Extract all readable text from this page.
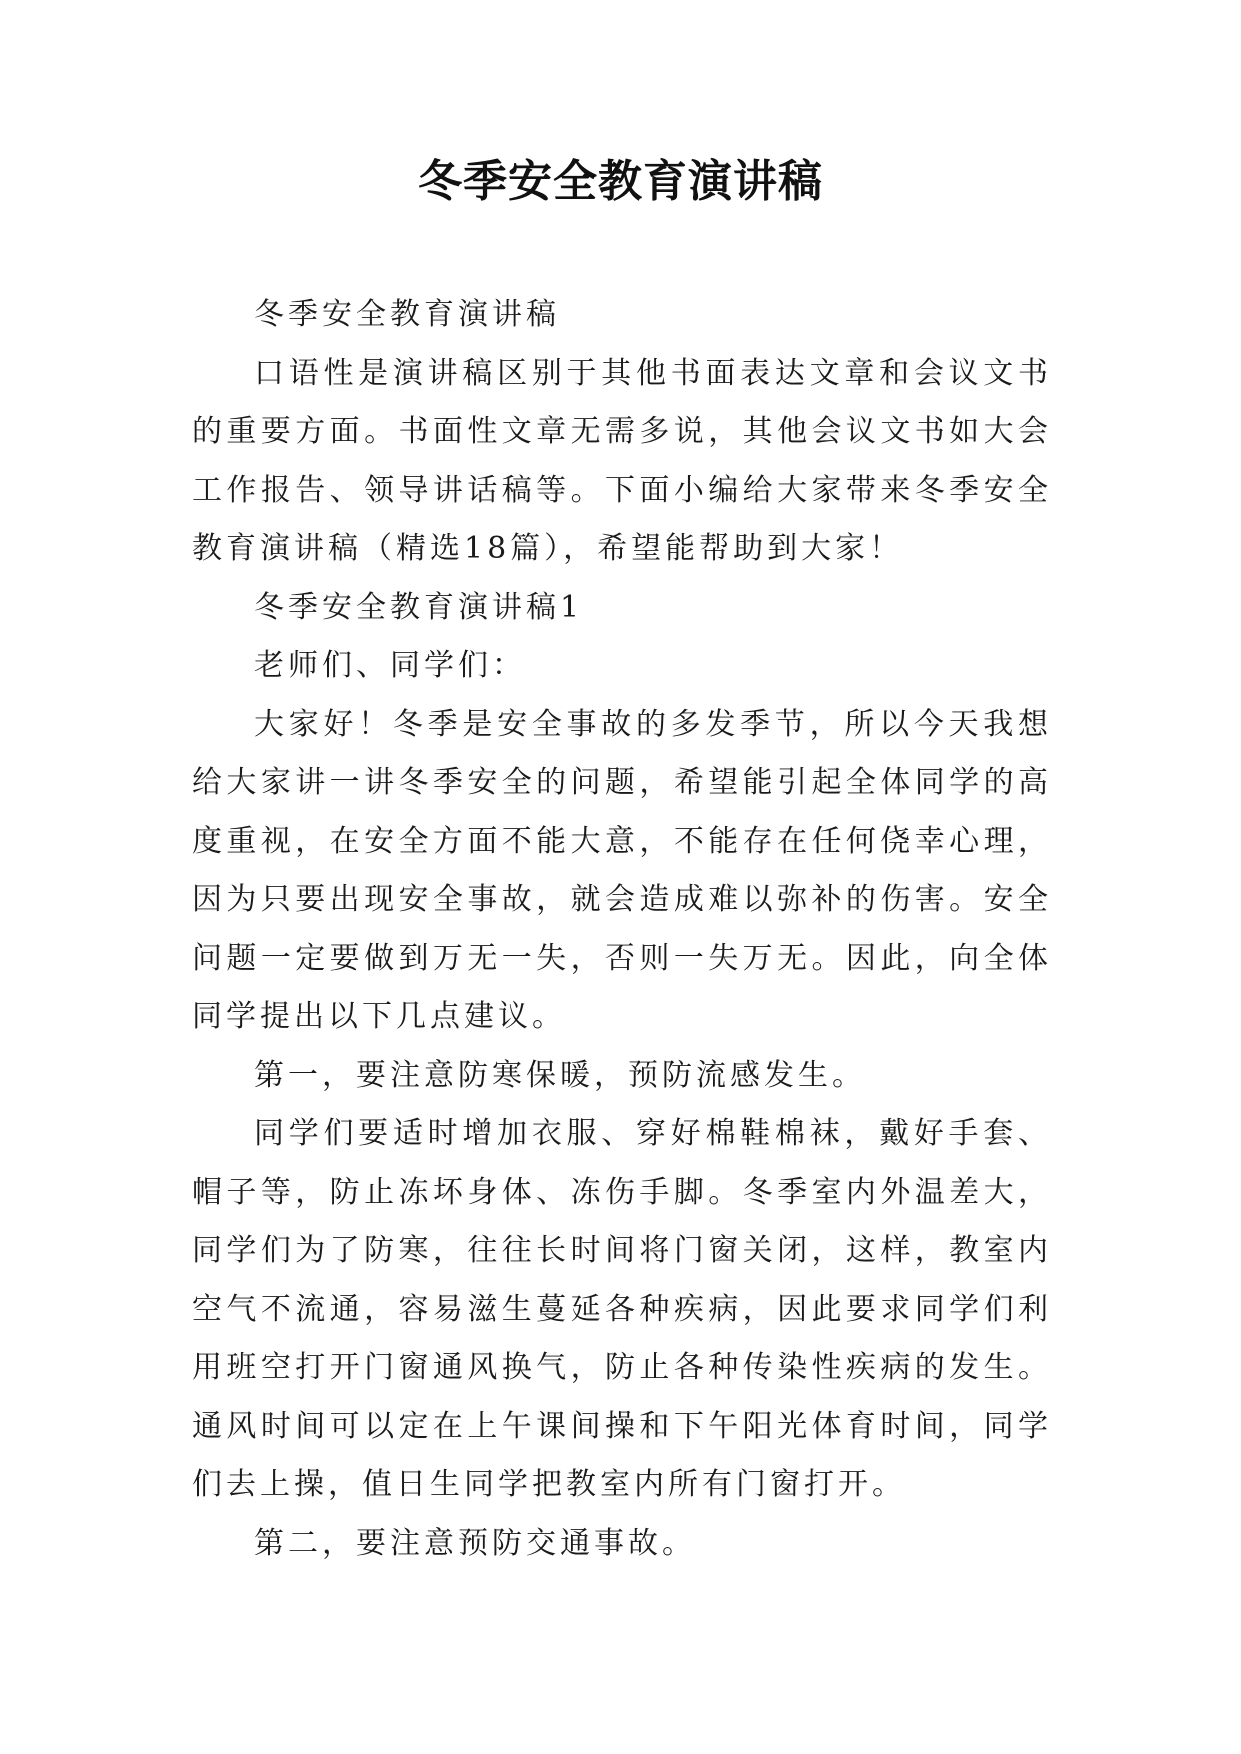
冬季安全教育演讲稿

冬季安全教育演讲稿

口语性是演讲稿区别于其他书面表达文章和会议文书的重要方面。书面性文章无需多说，其他会议文书如大会工作报告、领导讲话稿等。下面小编给大家带来冬季安全教育演讲稿（精选18篇），希望能帮助到大家！

冬季安全教育演讲稿1

老师们、同学们：

大家好！冬季是安全事故的多发季节，所以今天我想给大家讲一讲冬季安全的问题，希望能引起全体同学的高度重视，在安全方面不能大意，不能存在任何侥幸心理，因为只要出现安全事故，就会造成难以弥补的伤害。安全问题一定要做到万无一失，否则一失万无。因此，向全体同学提出以下几点建议。

第一，要注意防寒保暖，预防流感发生。

同学们要适时增加衣服、穿好棉鞋棉袜，戴好手套、帽子等，防止冻坏身体、冻伤手脚。冬季室内外温差大，同学们为了防寒，往往长时间将门窗关闭，这样，教室内空气不流通，容易滋生蔓延各种疾病，因此要求同学们利用班空打开门窗通风换气，防止各种传染性疾病的发生。通风时间可以定在上午课间操和下午阳光体育时间，同学们去上操，值日生同学把教室内所有门窗打开。

第二，要注意预防交通事故。
